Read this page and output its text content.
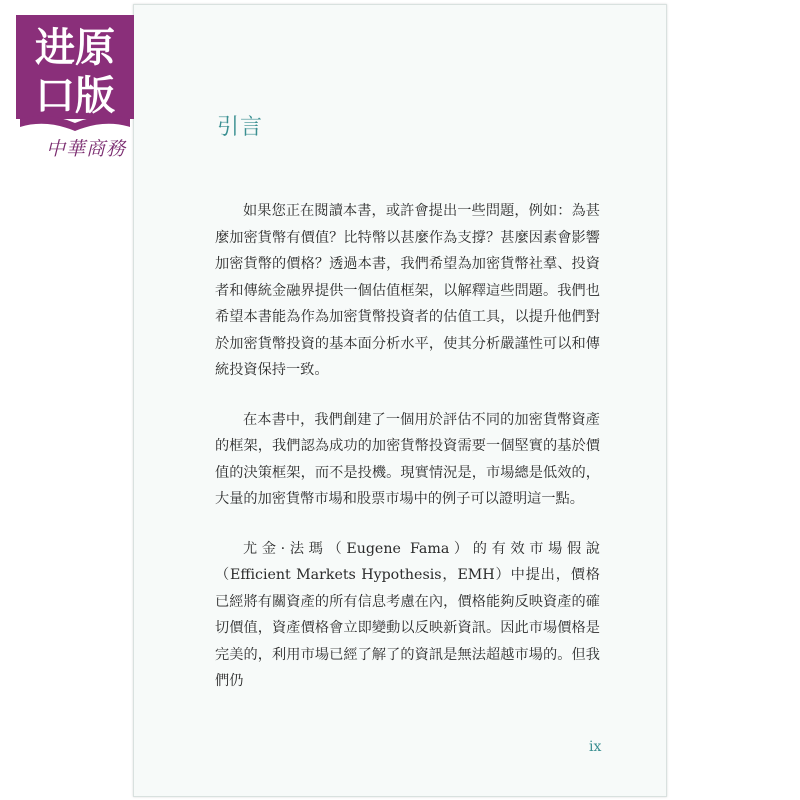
进原
口版
中華商務
引言

如果您正在閱讀本書，或許會提出一些問題，例如：為甚麼加密貨幣有價值？比特幣以甚麼作為支撐？甚麼因素會影響加密貨幣的價格？透過本書，我們希望為加密貨幣社羣、投資者和傳統金融界提供一個估值框架，以解釋這些問題。我們也希望本書能為作為加密貨幣投資者的估值工具，以提升他們對於加密貨幣投資的基本面分析水平，使其分析嚴謹性可以和傳統投資保持一致。

在本書中，我們創建了一個用於評估不同的加密貨幣資產的框架，我們認為成功的加密貨幣投資需要一個堅實的基於價值的決策框架，而不是投機。現實情況是，市場總是低效的，大量的加密貨幣市場和股票市場中的例子可以證明這一點。

尤金·法瑪（Eugene Fama）的有效市場假說（Efficient Markets Hypothesis，EMH）中提出，價格已經將有關資產的所有信息考慮在內，價格能夠反映資產的確切價值，資產價格會立即變動以反映新資訊。因此市場價格是完美的，利用市場已經了解了的資訊是無法超越市場的。但我們仍

ix
